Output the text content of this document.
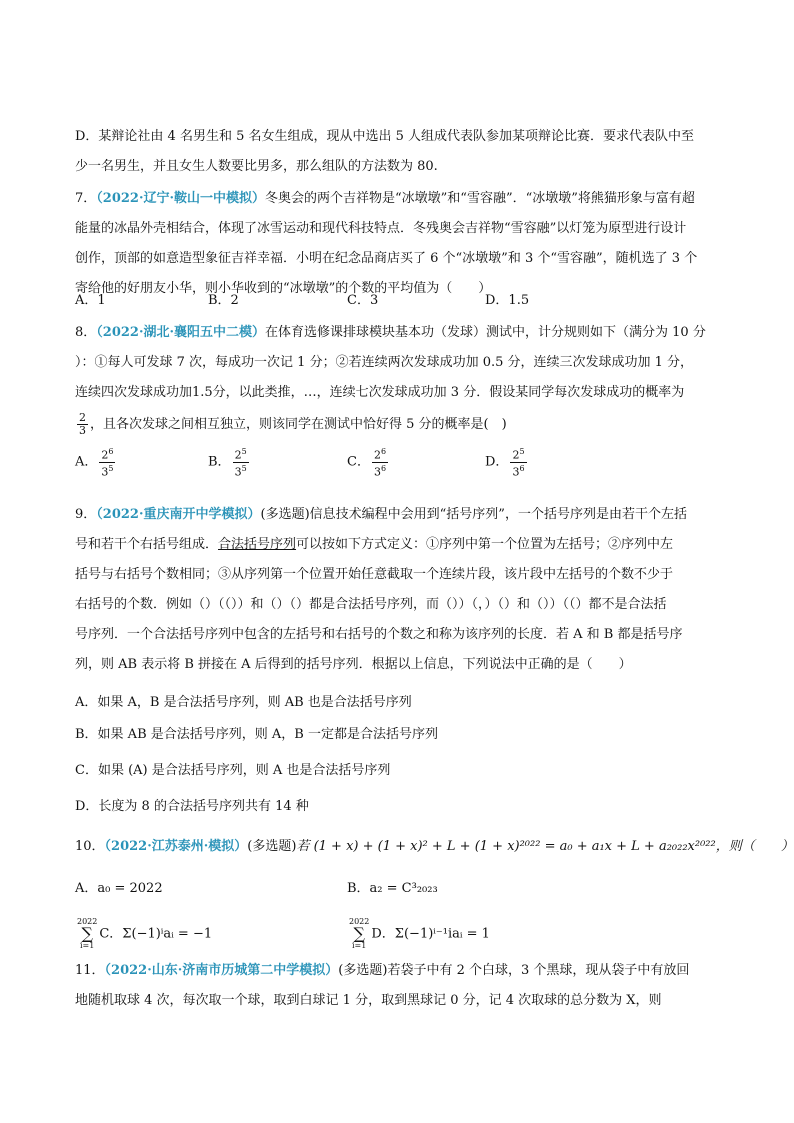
D．某辩论社由 4 名男生和 5 名女生组成，现从中选出 5 人组成代表队参加某项辩论比赛．要求代表队中至
少一名男生，并且女生人数要比男多，那么组队的方法数为 80.
7．（2022·辽宁·鞍山一中模拟）冬奥会的两个吉祥物是“冰墩墩”和“雪容融”．“冰墩墩”将熊猫形象与富有超
能量的冰晶外壳相结合，体现了冰雪运动和现代科技特点．冬残奥会吉祥物“雪容融”以灯笼为原型进行设计
创作，顶部的如意造型象征吉祥幸福．小明在纪念品商店买了 6 个“冰墩墩”和 3 个“雪容融”，随机选了 3 个
寄给他的好朋友小华，则小华收到的“冰墩墩”的个数的平均值为（　　）
A．1	B．2	C．3	D．1.5
8．（2022·湖北·襄阳五中二模）在体育选修课排球模块基本功（发球）测试中，计分规则如下（满分为 10 分
）：①每人可发球 7 次，每成功一次记 1 分；②若连续两次发球成功加 0.5 分，连续三次发球成功加 1 分，
连续四次发球成功加1.5分，以此类推，…，连续七次发球成功加 3 分．假设某同学每次发球成功的概率为
$\frac{2}{3}$ ，且各次发球之间相互独立，则该同学在测试中恰好得 5 分的概率是(　)
A． $\frac{2^6}{3^5}$	B． $\frac{2^5}{3^5}$	C． $\frac{2^6}{3^6}$	D． $\frac{2^5}{3^6}$
9．（2022·重庆南开中学模拟）(多选题)信息技术编程中会用到“括号序列”，一个括号序列是由若干个左括
号和若干个右括号组成．合法括号序列可以按如下方式定义：①序列中第一个位置为左括号；②序列中左
括号与右括号个数相同；③从序列第一个位置开始任意截取一个连续片段，该片段中左括号的个数不少于
右括号的个数．例如（）（（））和（）（）都是合法括号序列，而（））（，）（）和（））（（）都不是合法括
号序列．一个合法括号序列中包含的左括号和右括号的个数之和称为该序列的长度．若 A 和 B 都是括号序
列，则 AB 表示将 B 拼接在 A 后得到的括号序列．根据以上信息，下列说法中正确的是（　　）
A．如果 A，B 是合法括号序列，则 AB 也是合法括号序列
B．如果 AB 是合法括号序列，则 A，B 一定都是合法括号序列
C．如果 (A) 是合法括号序列，则 A 也是合法括号序列
D．长度为 8 的合法括号序列共有 14 种
10．（2022·江苏泰州·模拟）(多选题)若 (1 + x) + (1 + x)² + L + (1 + x)²⁰²² = a₀ + a₁x + L + a₂₀₂₂x²⁰²²，则（　　）
A．a₀ = 2022	B．a₂ = C³₂₀₂₃
2022
∑
i=1
C．Σ(−1)ⁱaᵢ = −1
2022
∑
i=1
D．Σ(−1)ⁱ⁻¹iaᵢ = 1
11．（2022·山东·济南市历城第二中学模拟）(多选题)若袋子中有 2 个白球，3 个黑球，现从袋子中有放回
地随机取球 4 次，每次取一个球，取到白球记 1 分，取到黑球记 0 分，记 4 次取球的总分数为 X，则
